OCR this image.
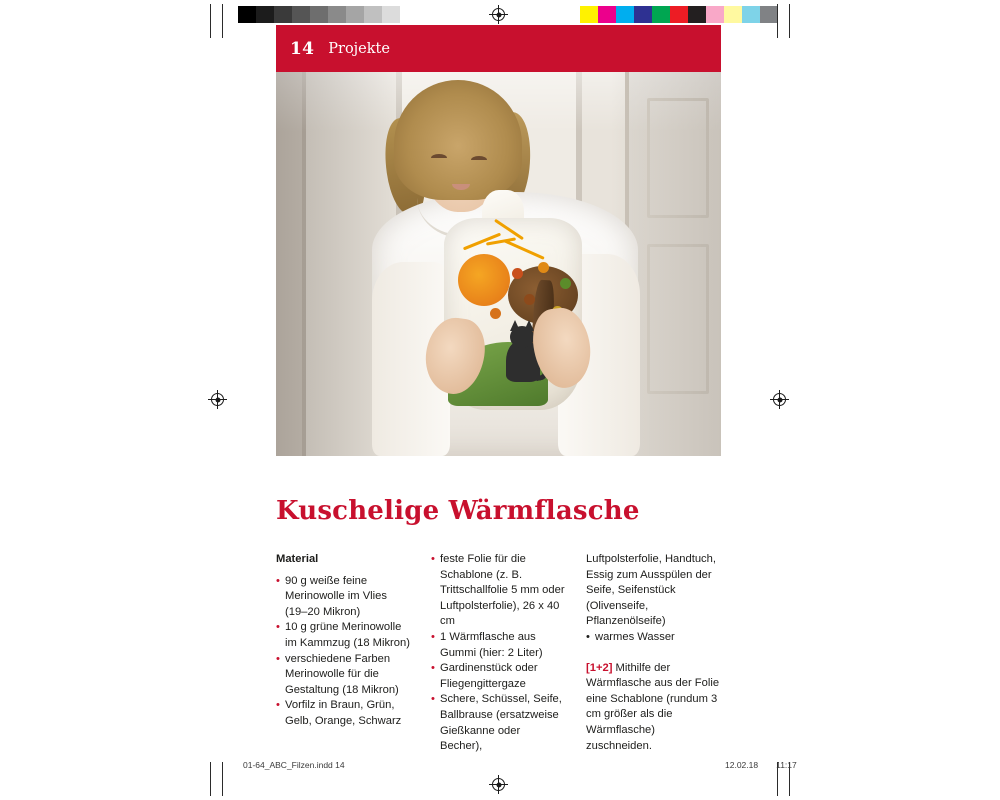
14 Projekte
Kuschelige Wärmflasche
Material
• 90 g weiße feine Merinowolle im Vlies (19–20 Mikron)
• 10 g grüne Merinowolle im Kammzug (18 Mikron)
• verschiedene Farben Merinowolle für die Gestaltung (18 Mikron)
• Vorfilz in Braun, Grün, Gelb, Orange, Schwarz
• feste Folie für die Schablone (z. B. Trittschallfolie 5 mm oder Luftpolsterfolie), 26 x 40 cm
• 1 Wärmflasche aus Gummi (hier: 2 Liter)
• Gardinenstück oder Fliegengittergaze
• Schere, Schüssel, Seife, Ballbrause (ersatzweise Gießkanne oder Becher),

Luftpolsterfolie, Handtuch, Essig zum Ausspülen der Seife, Seifenstück (Olivenseife, Pflanzenölseife)

• warmes Wasser

[1+2] Mithilfe der Wärmflasche aus der Folie eine Schablone (rundum 3 cm größer als die Wärmflasche) zuschneiden.

01-64_ABC_Filzen.indd 14	12.02.18 11:17
